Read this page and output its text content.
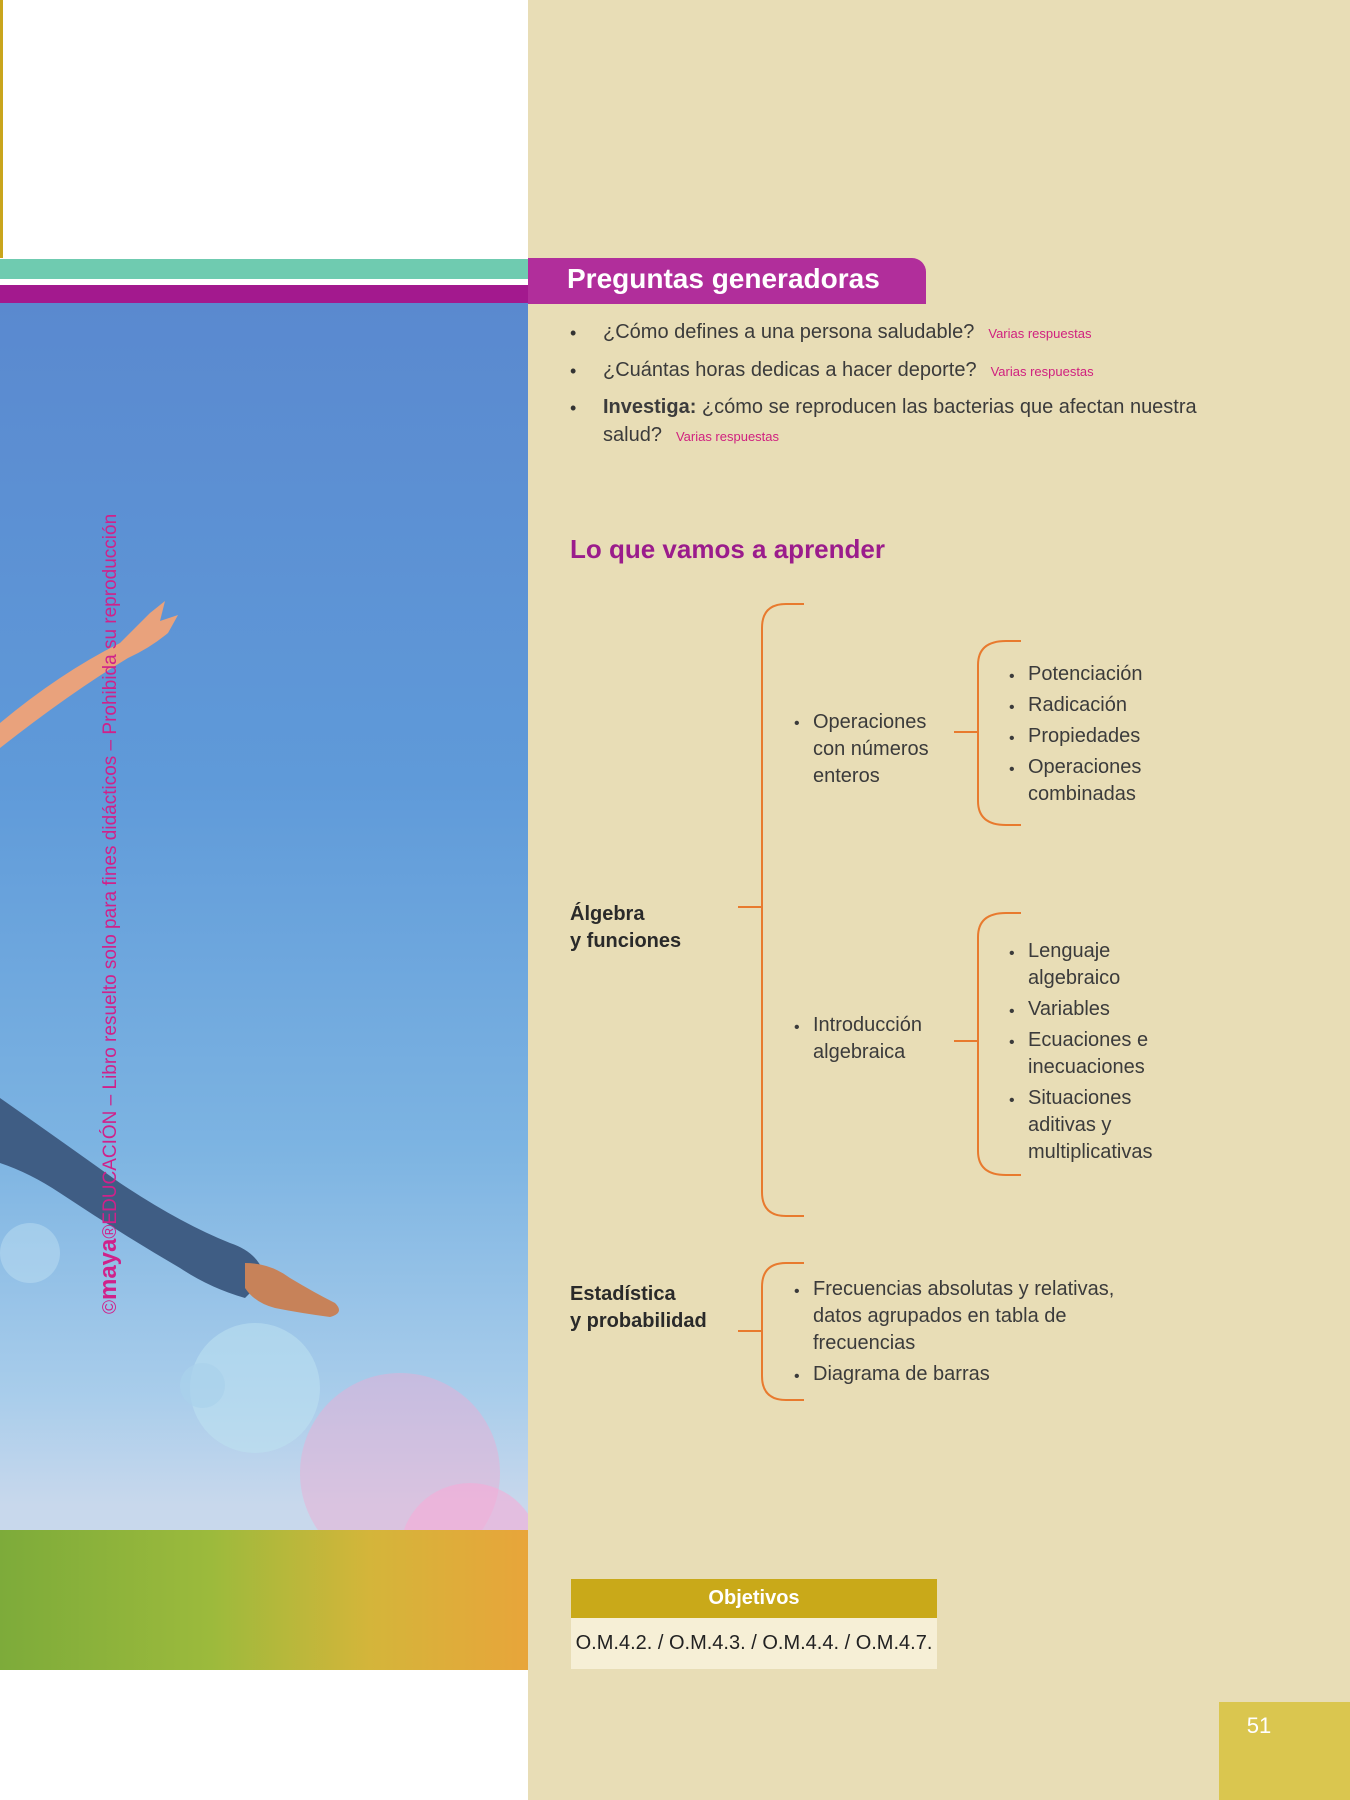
©maya®EDUCACIÓN – Libro resuelto solo para fines didácticos – Prohibida su reproducción
Preguntas generadoras
• ¿Cómo defines a una persona saludable? Varias respuestas
• ¿Cuántas horas dedicas a hacer deporte? Varias respuestas
• Investiga: ¿cómo se reproducen las bacterias que afectan nuestra
salud? Varias respuestas
Lo que vamos a aprender
Álgebra
y funciones
• Operaciones
con números
enteros
• Potenciación
• Radicación
• Propiedades
• Operaciones
combinadas
• Introducción
algebraica
• Lenguaje
algebraico
• Variables
• Ecuaciones e
inecuaciones
• Situaciones
aditivas y
multiplicativas
Estadística
y probabilidad
• Frecuencias absolutas y relativas,
datos agrupados en tabla de
frecuencias
• Diagrama de barras
Objetivos
O.M.4.2. / O.M.4.3. / O.M.4.4. / O.M.4.7.
51
